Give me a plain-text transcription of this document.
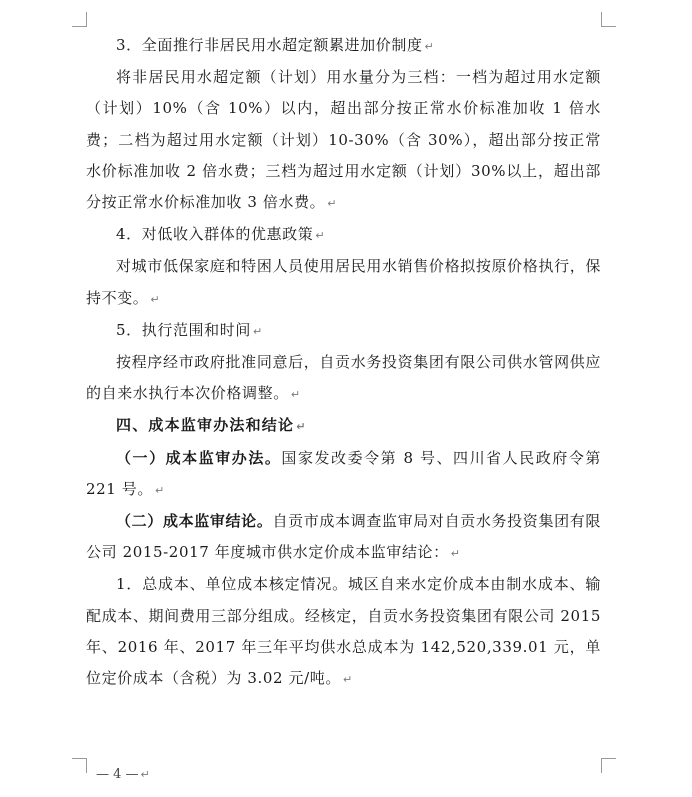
3．全面推行非居民用水超定额累进加价制度 ↵

将非居民用水超定额（计划）用水量分为三档：一档为超过用水定额（计划）10%（含 10%）以内，超出部分按正常水价标准加收 1 倍水费；二档为超过用水定额（计划）10-30%（含 30%），超出部分按正常水价标准加收 2 倍水费；三档为超过用水定额（计划）30%以上，超出部分按正常水价标准加收 3 倍水费。 ↵

4．对低收入群体的优惠政策 ↵

对城市低保家庭和特困人员使用居民用水销售价格拟按原价格执行，保持不变。 ↵

5．执行范围和时间 ↵

按程序经市政府批准同意后，自贡水务投资集团有限公司供水管网供应的自来水执行本次价格调整。 ↵

四、成本监审办法和结论 ↵

（一）成本监审办法。国家发改委令第 8 号、四川省人民政府令第 221 号。 ↵

（二）成本监审结论。自贡市成本调查监审局对自贡水务投资集团有限公司 2015-2017 年度城市供水定价成本监审结论： ↵

1．总成本、单位成本核定情况。城区自来水定价成本由制水成本、输配成本、期间费用三部分组成。经核定，自贡水务投资集团有限公司 2015 年、2016 年、2017 年三年平均供水总成本为 142,520,339.01 元，单位定价成本（含税）为 3.02 元/吨。 ↵

— 4 — ↵
